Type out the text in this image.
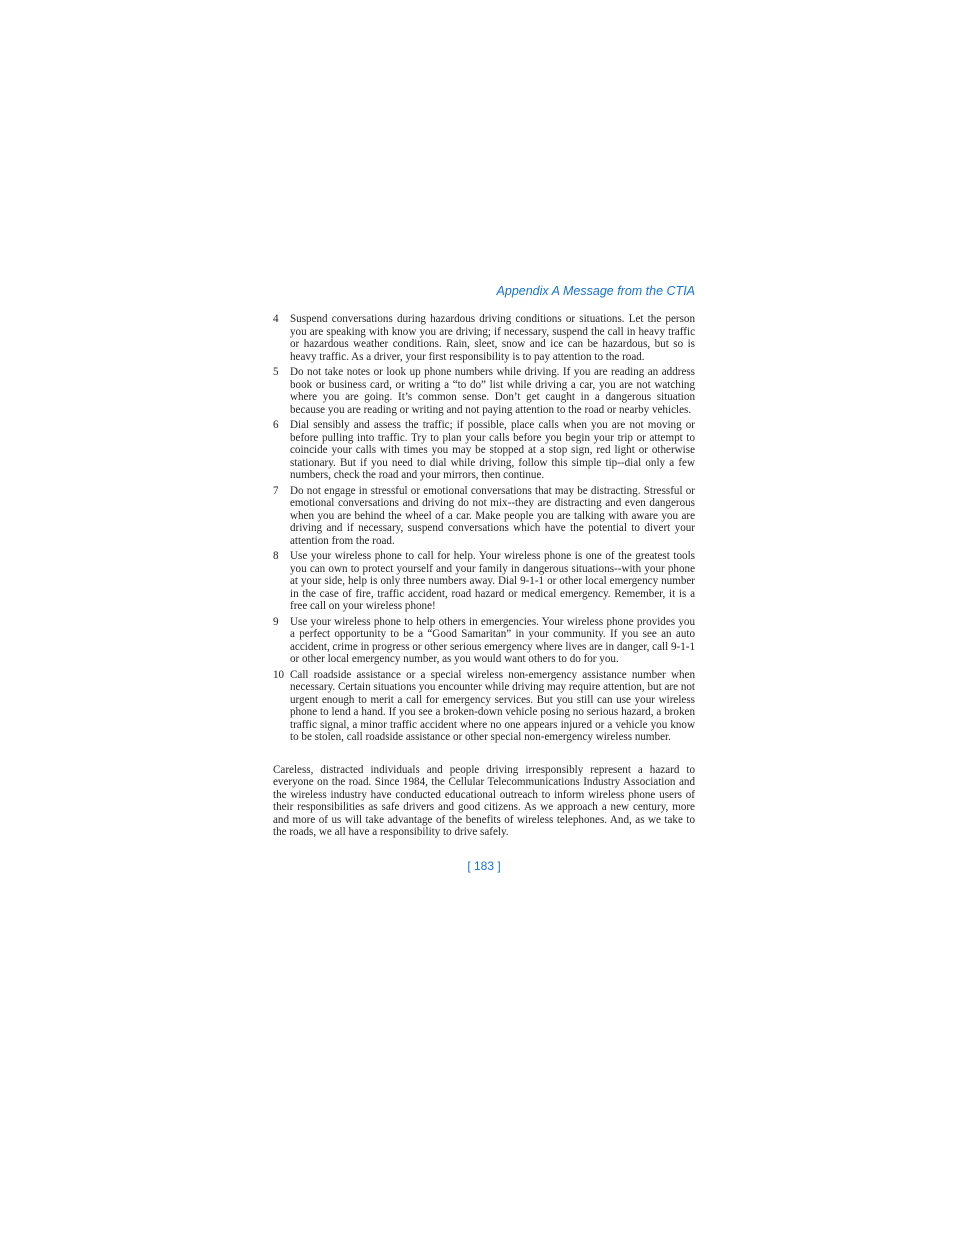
Appendix A Message from the CTIA
4 Suspend conversations during hazardous driving conditions or situations. Let the person you are speaking with know you are driving; if necessary, suspend the call in heavy traffic or hazardous weather conditions. Rain, sleet, snow and ice can be hazardous, but so is heavy traffic. As a driver, your first responsibility is to pay attention to the road.
5 Do not take notes or look up phone numbers while driving. If you are reading an address book or business card, or writing a “to do” list while driving a car, you are not watching where you are going. It’s common sense. Don’t get caught in a dangerous situation because you are reading or writing and not paying attention to the road or nearby vehicles.
6 Dial sensibly and assess the traffic; if possible, place calls when you are not moving or before pulling into traffic. Try to plan your calls before you begin your trip or attempt to coincide your calls with times you may be stopped at a stop sign, red light or otherwise stationary. But if you need to dial while driving, follow this simple tip--dial only a few numbers, check the road and your mirrors, then continue.
7 Do not engage in stressful or emotional conversations that may be distracting. Stressful or emotional conversations and driving do not mix--they are distracting and even dangerous when you are behind the wheel of a car. Make people you are talking with aware you are driving and if necessary, suspend conversations which have the potential to divert your attention from the road.
8 Use your wireless phone to call for help. Your wireless phone is one of the greatest tools you can own to protect yourself and your family in dangerous situations--with your phone at your side, help is only three numbers away. Dial 9-1-1 or other local emergency number in the case of fire, traffic accident, road hazard or medical emergency. Remember, it is a free call on your wireless phone!
9 Use your wireless phone to help others in emergencies. Your wireless phone provides you a perfect opportunity to be a “Good Samaritan” in your community. If you see an auto accident, crime in progress or other serious emergency where lives are in danger, call 9-1-1 or other local emergency number, as you would want others to do for you.
10 Call roadside assistance or a special wireless non-emergency assistance number when necessary. Certain situations you encounter while driving may require attention, but are not urgent enough to merit a call for emergency services. But you still can use your wireless phone to lend a hand. If you see a broken-down vehicle posing no serious hazard, a broken traffic signal, a minor traffic accident where no one appears injured or a vehicle you know to be stolen, call roadside assistance or other special non-emergency wireless number.

Careless, distracted individuals and people driving irresponsibly represent a hazard to everyone on the road. Since 1984, the Cellular Telecommunications Industry Association and the wireless industry have conducted educational outreach to inform wireless phone users of their responsibilities as safe drivers and good citizens. As we approach a new century, more and more of us will take advantage of the benefits of wireless telephones. And, as we take to the roads, we all have a responsibility to drive safely.

[ 183 ]
